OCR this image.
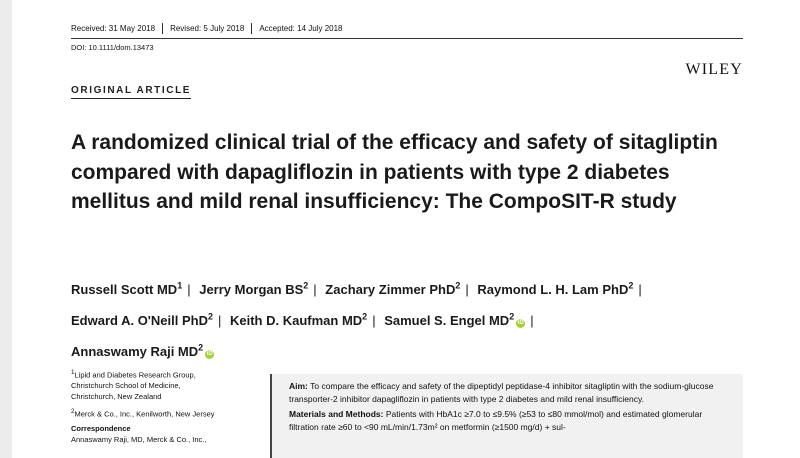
Received: 31 May 2018 Revised: 5 July 2018 Accepted: 14 July 2018
DOI: 10.1111/dom.13473
WILEY
ORIGINAL ARTICLE
A randomized clinical trial of the efficacy and safety of sitagliptin compared with dapagliflozin in patients with type 2 diabetes mellitus and mild renal insufficiency: The CompoSIT-R study
Russell Scott $MD^1$ | Jerry Morgan $BS^2$ | Zachary Zimmer PhD$^2$ | Raymond L. H. Lam PhD$^2$ |
Edward A. O'Neill PhD$^2$ | Keith D. Kaufman $MD^2$ | Samuel S. Engel $MD^2iD$ |
Annaswamy Raji $MD^2iD$

$^1$Lipid and Diabetes Research Group,
Christchurch School of Medicine,
Christchurch, New Zealand

$^2$Merck & Co., Inc., Kenilworth, New Jersey

Correspondence

Annaswamy Raji, MD, Merck & Co., Inc.,

Aim: To compare the efficacy and safety of the dipeptidyl peptidase-4 inhibitor sitagliptin with the sodium-glucose transporter-2 inhibitor dapagliflozin in patients with type 2 diabetes and mild renal insufficiency.

Materials and Methods: Patients with HbA1c ≥7.0 to ≤9.5% (≥53 to ≤80 mmol/mol) and estimated glomerular filtration rate ≥60 to <90 mL/min/1.73m² on metformin (≥1500 mg/d) + sul-
